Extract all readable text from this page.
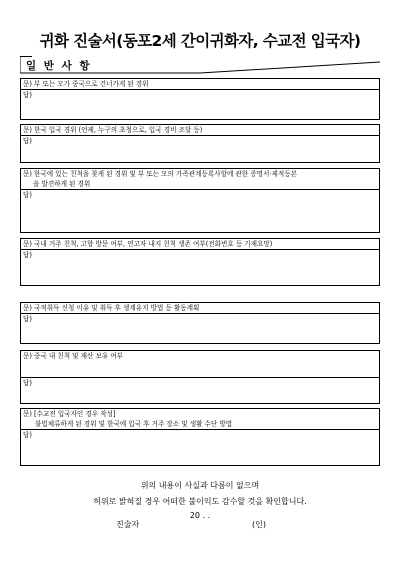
귀화 진술서(동포2세 간이귀화자, 수교전 입국자)
일 반 사 항
문) 부 또는 모가 중국으로 건너가게 된 경위
답)
문) 한국 입국 경위 (언제, 누구의 초청으로, 입국 경비 조달 등)
답)
문) 한국에 있는 친척을 찾게 된 경위 및 부 또는 모의 가족관계등록사항에 관한 증명서·제적등본
을 발견하게 된 경위
답)
문) 국내 거주 친척, 고향 방문 여부, 연고자 내지 친척 생존 여부(전화번호 등 기재요망)
답)
문) 국적취득 신청 이유 및 취득 후 생계유지 방법 등 활동계획
답)
문) 중국 내 친척 및 재산 보유 여부
답)
문) [수교전 입국자인 경우 작성]
불법체류하게 된 경위 및 한국에 입국 후 거주 장소 및 생활 수단 방법
답)
위의 내용이 사실과 다름이 없으며
허위로 밝혀질 경우 어떠한 불이익도 감수할 것을 확인합니다.
20 . .
진술자	(인)
